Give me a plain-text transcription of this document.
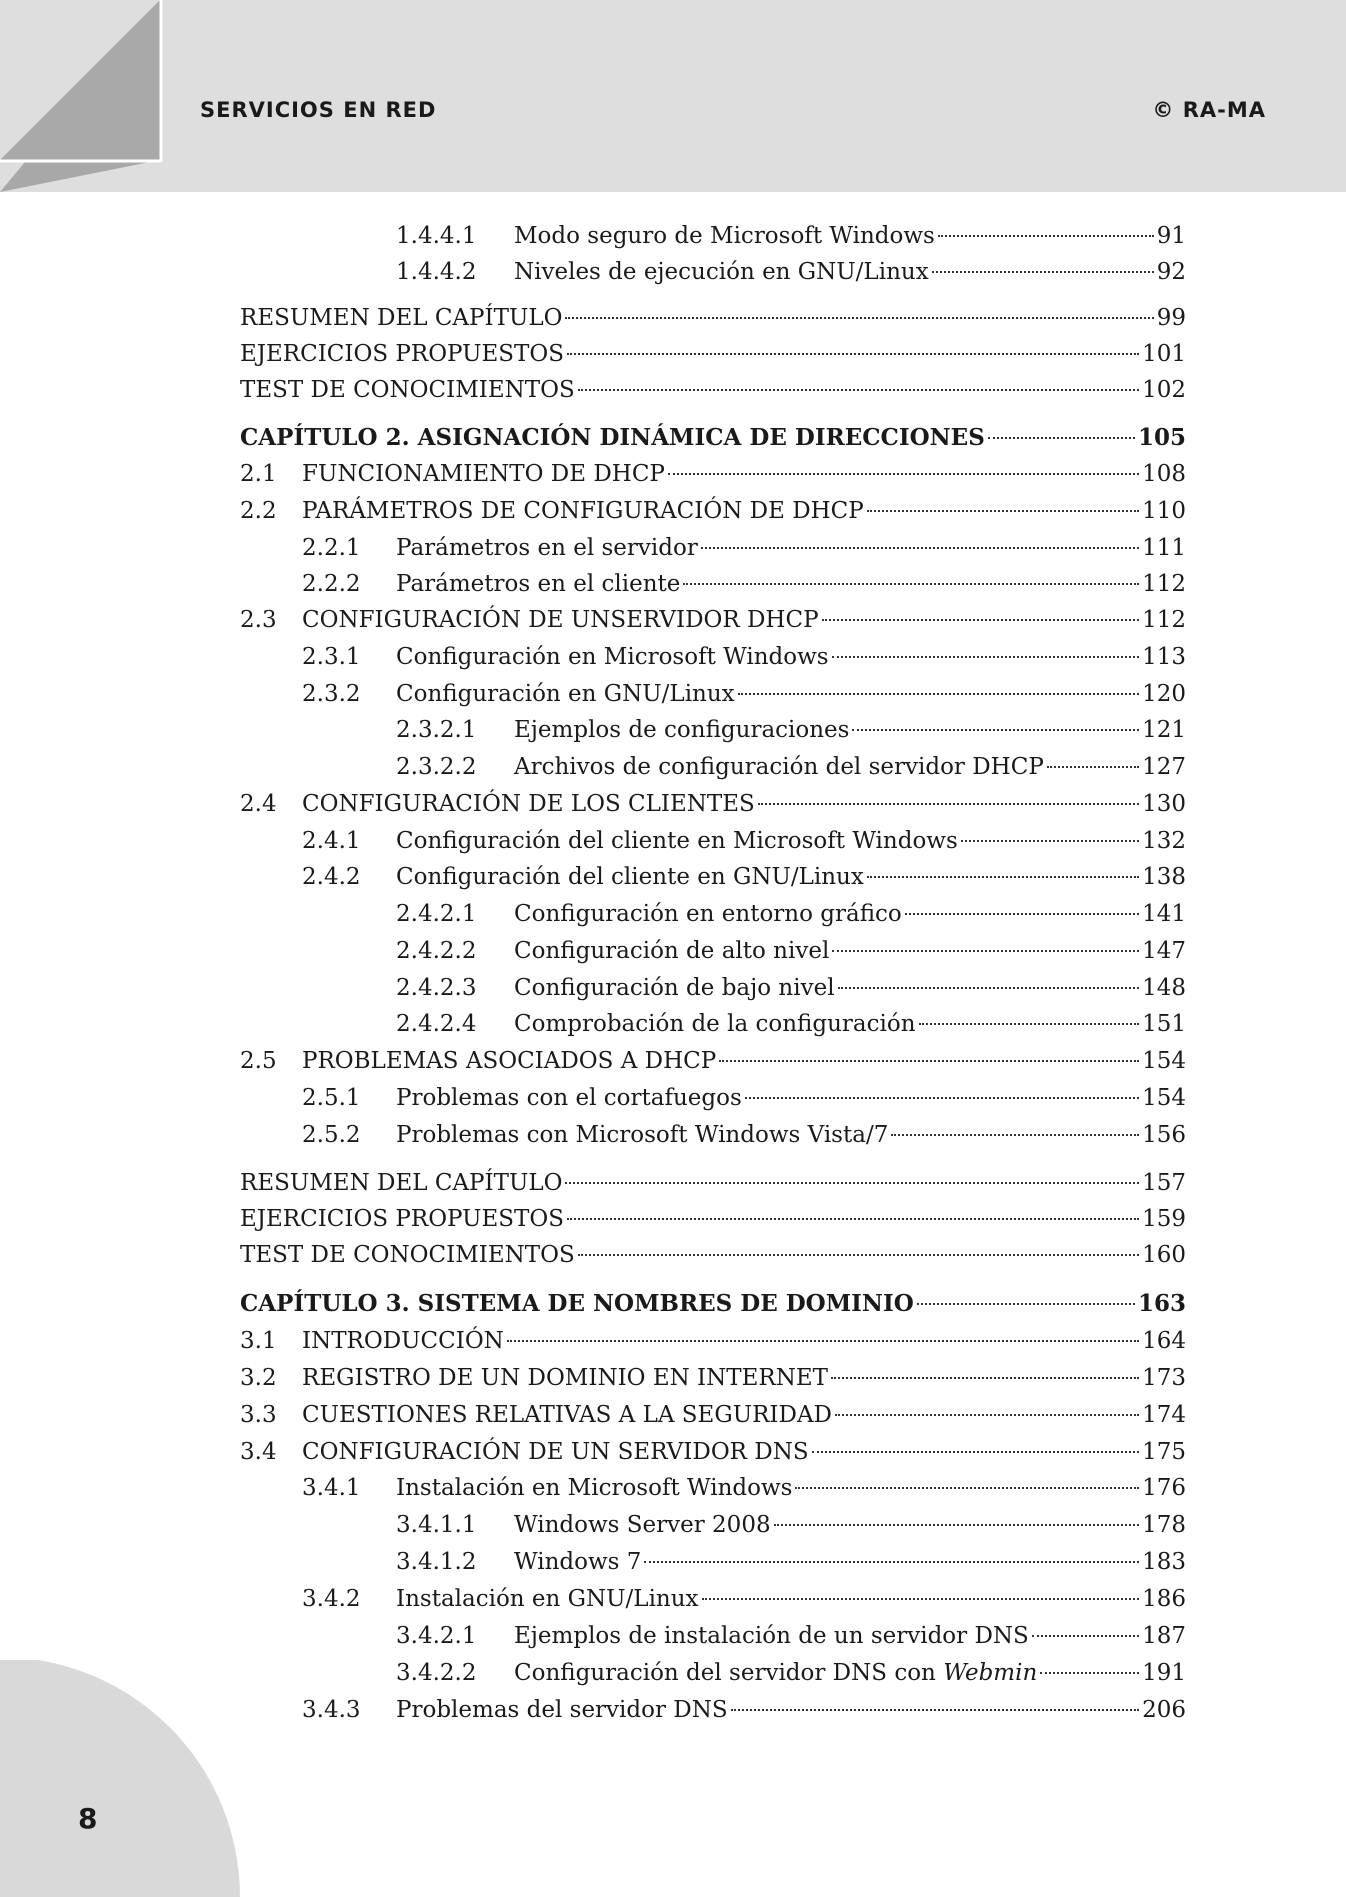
SERVICIOS EN RED	© RA-MA
1.4.4.1 Modo seguro de Microsoft Windows	91
1.4.4.2 Niveles de ejecución en GNU/Linux	92
RESUMEN DEL CAPÍTULO	99
EJERCICIOS PROPUESTOS	101
TEST DE CONOCIMIENTOS	102
CAPÍTULO 2. ASIGNACIÓN DINÁMICA DE DIRECCIONES	105
2.1 FUNCIONAMIENTO DE DHCP	108
2.2 PARÁMETROS DE CONFIGURACIÓN DE DHCP	110
2.2.1 Parámetros en el servidor	111
2.2.2 Parámetros en el cliente	112
2.3 CONFIGURACIÓN DE UNSERVIDOR DHCP	112
2.3.1 Configuración en Microsoft Windows	113
2.3.2 Configuración en GNU/Linux	120
2.3.2.1 Ejemplos de configuraciones	121
2.3.2.2 Archivos de configuración del servidor DHCP	127
2.4 CONFIGURACIÓN DE LOS CLIENTES	130
2.4.1 Configuración del cliente en Microsoft Windows	132
2.4.2 Configuración del cliente en GNU/Linux	138
2.4.2.1 Configuración en entorno gráfico	141
2.4.2.2 Configuración de alto nivel	147
2.4.2.3 Configuración de bajo nivel	148
2.4.2.4 Comprobación de la configuración	151
2.5 PROBLEMAS ASOCIADOS A DHCP	154
2.5.1 Problemas con el cortafuegos	154
2.5.2 Problemas con Microsoft Windows Vista/7	156
RESUMEN DEL CAPÍTULO	157
EJERCICIOS PROPUESTOS	159
TEST DE CONOCIMIENTOS	160
CAPÍTULO 3. SISTEMA DE NOMBRES DE DOMINIO	163
3.1 INTRODUCCIÓN	164
3.2 REGISTRO DE UN DOMINIO EN INTERNET	173
3.3 CUESTIONES RELATIVAS A LA SEGURIDAD	174
3.4 CONFIGURACIÓN DE UN SERVIDOR DNS	175
3.4.1 Instalación en Microsoft Windows	176
3.4.1.1 Windows Server 2008	178
3.4.1.2 Windows 7	183
3.4.2 Instalación en GNU/Linux	186
3.4.2.1 Ejemplos de instalación de un servidor DNS	187
3.4.2.2 Configuración del servidor DNS con Webmin	191
3.4.3 Problemas del servidor DNS	206
8
